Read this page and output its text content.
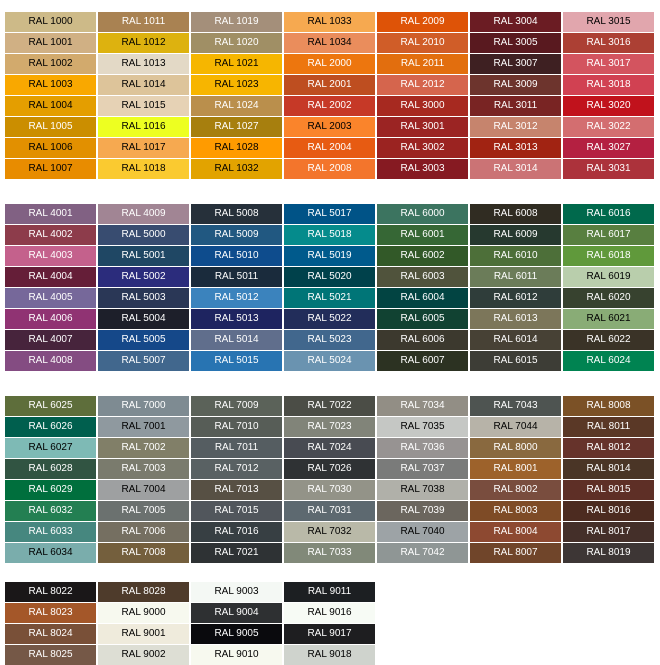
RAL 1000	RAL 1011	RAL 1019	RAL 1033	RAL 2009	RAL 3004	RAL 3015
RAL 1001	RAL 1012	RAL 1020	RAL 1034	RAL 2010	RAL 3005	RAL 3016
RAL 1002	RAL 1013	RAL 1021	RAL 2000	RAL 2011	RAL 3007	RAL 3017
RAL 1003	RAL 1014	RAL 1023	RAL 2001	RAL 2012	RAL 3009	RAL 3018
RAL 1004	RAL 1015	RAL 1024	RAL 2002	RAL 3000	RAL 3011	RAL 3020
RAL 1005	RAL 1016	RAL 1027	RAL 2003	RAL 3001	RAL 3012	RAL 3022
RAL 1006	RAL 1017	RAL 1028	RAL 2004	RAL 3002	RAL 3013	RAL 3027
RAL 1007	RAL 1018	RAL 1032	RAL 2008	RAL 3003	RAL 3014	RAL 3031
RAL 4001	RAL 4009	RAL 5008	RAL 5017	RAL 6000	RAL 6008	RAL 6016
RAL 4002	RAL 5000	RAL 5009	RAL 5018	RAL 6001	RAL 6009	RAL 6017
RAL 4003	RAL 5001	RAL 5010	RAL 5019	RAL 6002	RAL 6010	RAL 6018
RAL 4004	RAL 5002	RAL 5011	RAL 5020	RAL 6003	RAL 6011	RAL 6019
RAL 4005	RAL 5003	RAL 5012	RAL 5021	RAL 6004	RAL 6012	RAL 6020
RAL 4006	RAL 5004	RAL 5013	RAL 5022	RAL 6005	RAL 6013	RAL 6021
RAL 4007	RAL 5005	RAL 5014	RAL 5023	RAL 6006	RAL 6014	RAL 6022
RAL 4008	RAL 5007	RAL 5015	RAL 5024	RAL 6007	RAL 6015	RAL 6024
RAL 6025	RAL 7000	RAL 7009	RAL 7022	RAL 7034	RAL 7043	RAL 8008
RAL 6026	RAL 7001	RAL 7010	RAL 7023	RAL 7035	RAL 7044	RAL 8011
RAL 6027	RAL 7002	RAL 7011	RAL 7024	RAL 7036	RAL 8000	RAL 8012
RAL 6028	RAL 7003	RAL 7012	RAL 7026	RAL 7037	RAL 8001	RAL 8014
RAL 6029	RAL 7004	RAL 7013	RAL 7030	RAL 7038	RAL 8002	RAL 8015
RAL 6032	RAL 7005	RAL 7015	RAL 7031	RAL 7039	RAL 8003	RAL 8016
RAL 6033	RAL 7006	RAL 7016	RAL 7032	RAL 7040	RAL 8004	RAL 8017
RAL 6034	RAL 7008	RAL 7021	RAL 7033	RAL 7042	RAL 8007	RAL 8019
RAL 8022	RAL 8028	RAL 9003	RAL 9011
RAL 8023	RAL 9000	RAL 9004	RAL 9016
RAL 8024	RAL 9001	RAL 9005	RAL 9017
RAL 8025	RAL 9002	RAL 9010	RAL 9018
